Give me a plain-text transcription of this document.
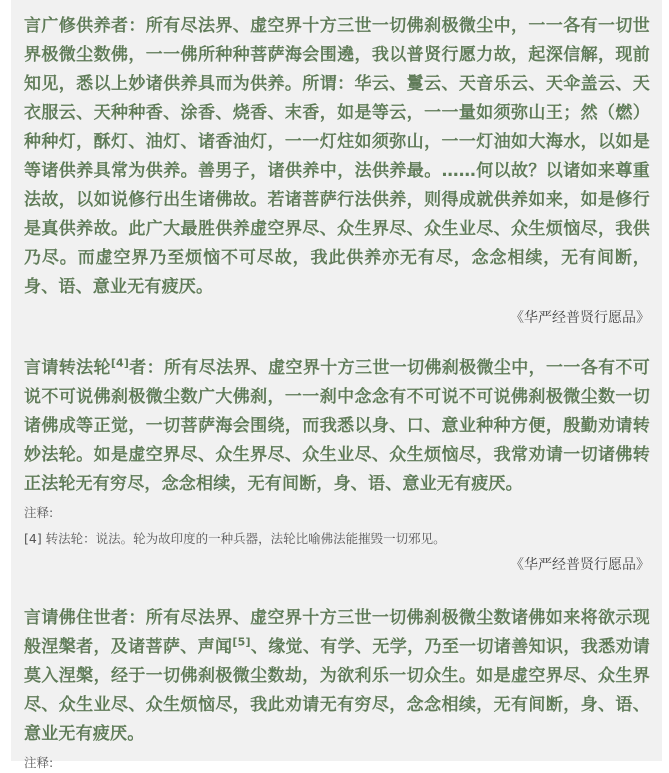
言广修供养者：所有尽法界、虚空界十方三世一切佛刹极微尘中，一一各有一切世界极微尘数佛，一一佛所种种菩萨海会围遶，我以普贤行愿力故，起深信解，现前知见，悉以上妙诸供养具而为供养。所谓：华云、鬘云、天音乐云、天伞盖云、天衣服云、天种种香、涂香、烧香、末香，如是等云，一一量如须弥山王；然（燃）种种灯，酥灯、油灯、诸香油灯，一一灯炷如须弥山，一一灯油如大海水，以如是等诸供养具常为供养。善男子，诸供养中，法供养最。……何以故？以诸如来尊重法故，以如说修行出生诸佛故。若诸菩萨行法供养，则得成就供养如来，如是修行是真供养故。此广大最胜供养虚空界尽、众生界尽、众生业尽、众生烦恼尽，我供乃尽。而虚空界乃至烦恼不可尽故，我此供养亦无有尽，念念相续，无有间断，身、语、意业无有疲厌。

《华严经普贤行愿品》

言请转法轮[4]者：所有尽法界、虚空界十方三世一切佛刹极微尘中，一一各有不可说不可说佛刹极微尘数广大佛刹，一一刹中念念有不可说不可说佛刹极微尘数一切诸佛成等正觉，一切菩萨海会围绕，而我悉以身、口、意业种种方便，殷勤劝请转妙法轮。如是虚空界尽、众生界尽、众生业尽、众生烦恼尽，我常劝请一切诸佛转正法轮无有穷尽，念念相续，无有间断，身、语、意业无有疲厌。

注释:
[4] 转法轮：说法。轮为故印度的一种兵器，法轮比喻佛法能摧毁一切邪见。
《华严经普贤行愿品》

言请佛住世者：所有尽法界、虚空界十方三世一切佛刹极微尘数诸佛如来将欲示现般涅槃者，及诸菩萨、声闻[5]、缘觉、有学、无学，乃至一切诸善知识，我悉劝请莫入涅槃，经于一切佛刹极微尘数劫，为欲利乐一切众生。如是虚空界尽、众生界尽、众生业尽、众生烦恼尽，我此劝请无有穷尽，念念相续，无有间断，身、语、意业无有疲厌。

注释:
